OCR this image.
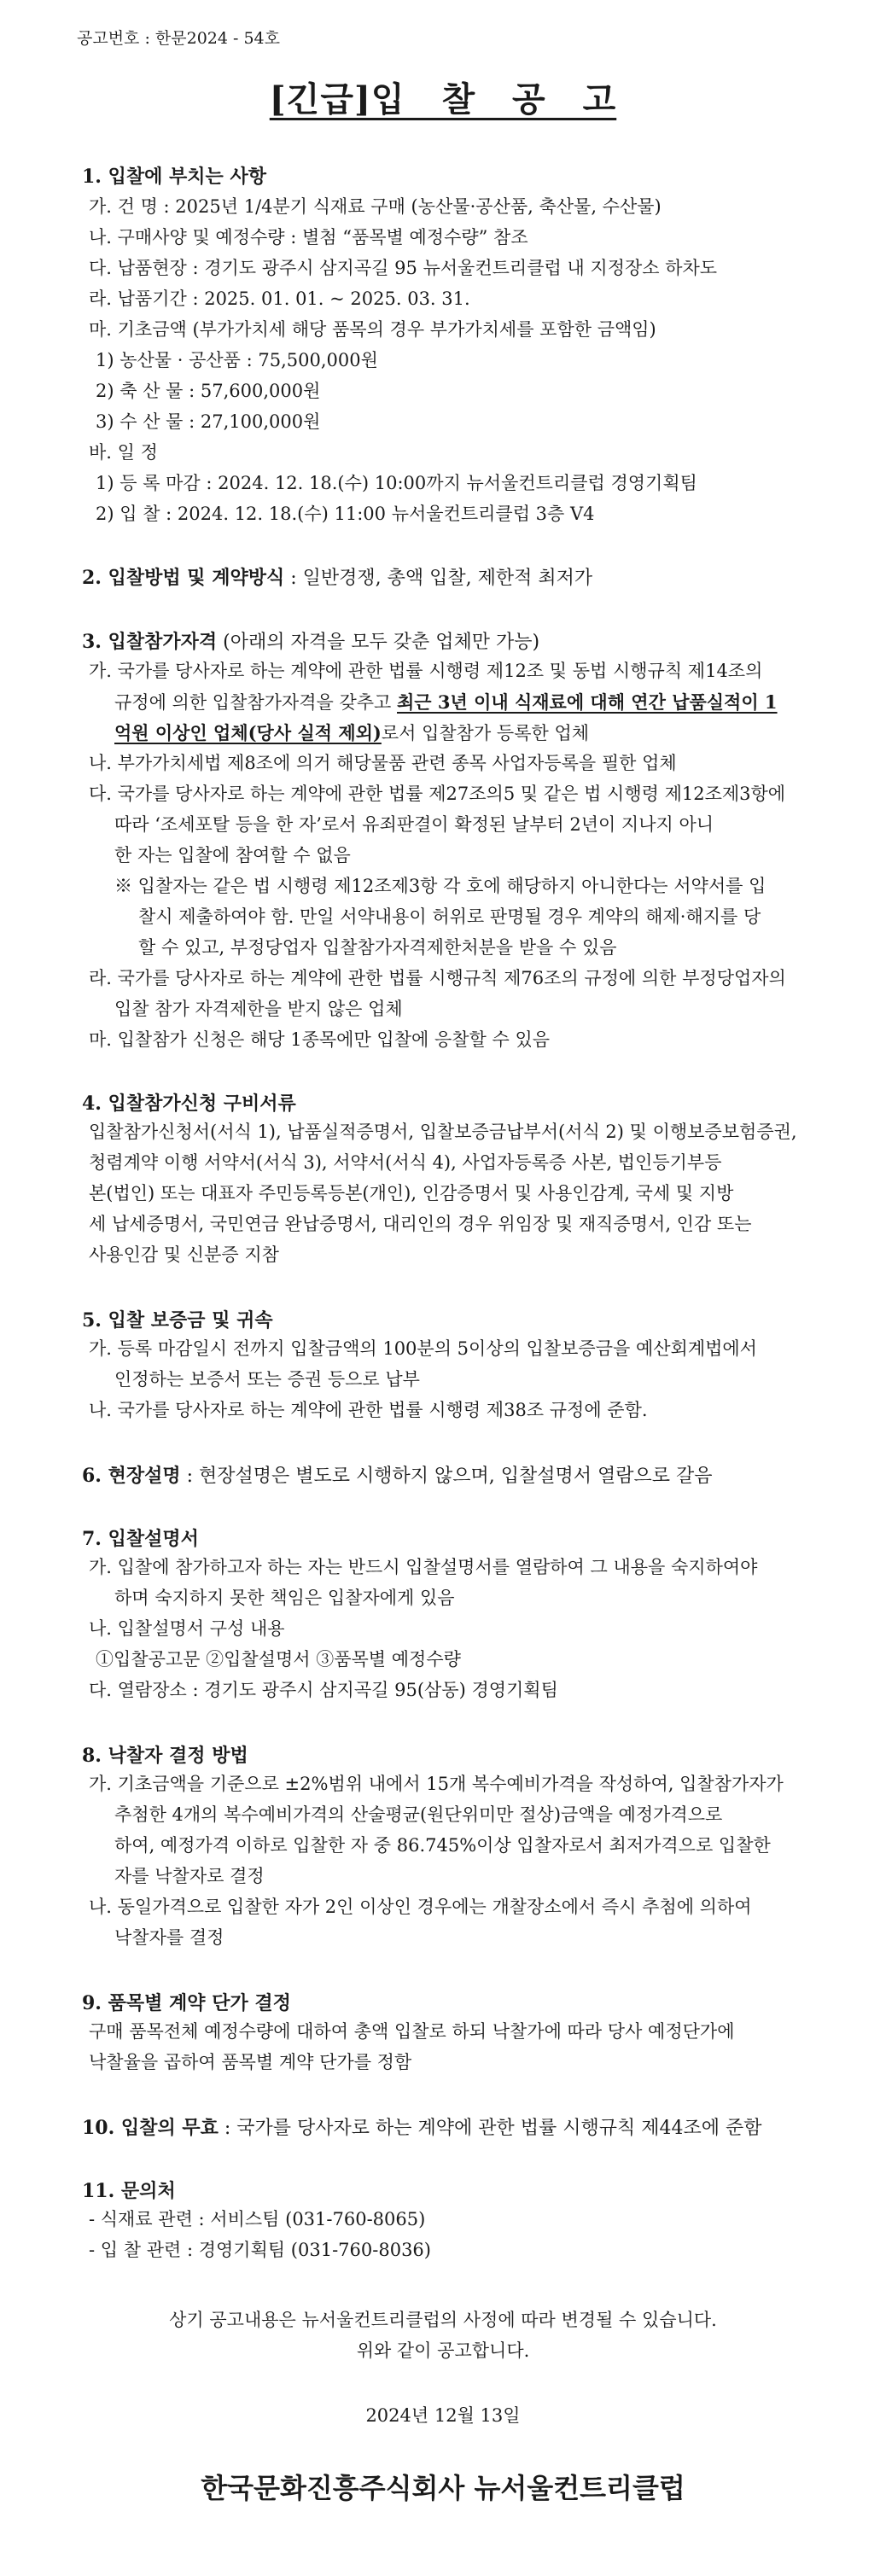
공고번호 : 한문2024 - 54호
[긴급]입 찰 공 고
1. 입찰에 부치는 사항
가. 건 명 : 2025년 1/4분기 식재료 구매 (농산물·공산품, 축산물, 수산물)
나. 구매사양 및 예정수량 : 별첨 “품목별 예정수량” 참조
다. 납품현장 : 경기도 광주시 삼지곡길 95 뉴서울컨트리클럽 내 지정장소 하차도
라. 납품기간 : 2025. 01. 01. ~ 2025. 03. 31.
마. 기초금액 (부가가치세 해당 품목의 경우 부가가치세를 포함한 금액임)
1) 농산물 · 공산품 : 75,500,000원
2) 축 산 물 : 57,600,000원
3) 수 산 물 : 27,100,000원
바. 일 정
1) 등 록 마감 : 2024. 12. 18.(수) 10:00까지 뉴서울컨트리클럽 경영기획팀
2) 입 찰 : 2024. 12. 18.(수) 11:00 뉴서울컨트리클럽 3층 V4
2. 입찰방법 및 계약방식 : 일반경쟁, 총액 입찰, 제한적 최저가
3. 입찰참가자격 (아래의 자격을 모두 갖춘 업체만 가능)
가. 국가를 당사자로 하는 계약에 관한 법률 시행령 제12조 및 동법 시행규칙 제14조의
규정에 의한 입찰참가자격을 갖추고 최근 3년 이내 식재료에 대해 연간 납품실적이 1
억원 이상인 업체(당사 실적 제외)로서 입찰참가 등록한 업체
나. 부가가치세법 제8조에 의거 해당물품 관련 종목 사업자등록을 필한 업체
다. 국가를 당사자로 하는 계약에 관한 법률 제27조의5 및 같은 법 시행령 제12조제3항에
따라 ‘조세포탈 등을 한 자’로서 유죄판결이 확정된 날부터 2년이 지나지 아니
한 자는 입찰에 참여할 수 없음
※ 입찰자는 같은 법 시행령 제12조제3항 각 호에 해당하지 아니한다는 서약서를 입
찰시 제출하여야 함. 만일 서약내용이 허위로 판명될 경우 계약의 해제·해지를 당
할 수 있고, 부정당업자 입찰참가자격제한처분을 받을 수 있음
라. 국가를 당사자로 하는 계약에 관한 법률 시행규칙 제76조의 규정에 의한 부정당업자의
입찰 참가 자격제한을 받지 않은 업체
마. 입찰참가 신청은 해당 1종목에만 입찰에 응찰할 수 있음
4. 입찰참가신청 구비서류
입찰참가신청서(서식 1), 납품실적증명서, 입찰보증금납부서(서식 2) 및 이행보증보험증권,
청렴계약 이행 서약서(서식 3), 서약서(서식 4), 사업자등록증 사본, 법인등기부등
본(법인) 또는 대표자 주민등록등본(개인), 인감증명서 및 사용인감계, 국세 및 지방
세 납세증명서, 국민연금 완납증명서, 대리인의 경우 위임장 및 재직증명서, 인감 또는
사용인감 및 신분증 지참
5. 입찰 보증금 및 귀속
가. 등록 마감일시 전까지 입찰금액의 100분의 5이상의 입찰보증금을 예산회계법에서
인정하는 보증서 또는 증권 등으로 납부
나. 국가를 당사자로 하는 계약에 관한 법률 시행령 제38조 규정에 준함.
6. 현장설명 : 현장설명은 별도로 시행하지 않으며, 입찰설명서 열람으로 갈음
7. 입찰설명서
가. 입찰에 참가하고자 하는 자는 반드시 입찰설명서를 열람하여 그 내용을 숙지하여야
하며 숙지하지 못한 책임은 입찰자에게 있음
나. 입찰설명서 구성 내용
①입찰공고문 ②입찰설명서 ③품목별 예정수량
다. 열람장소 : 경기도 광주시 삼지곡길 95(삼동) 경영기획팀
8. 낙찰자 결정 방법
가. 기초금액을 기준으로 ±2%범위 내에서 15개 복수예비가격을 작성하여, 입찰참가자가
추첨한 4개의 복수예비가격의 산술평균(원단위미만 절상)금액을 예정가격으로
하여, 예정가격 이하로 입찰한 자 중 86.745%이상 입찰자로서 최저가격으로 입찰한
자를 낙찰자로 결정
나. 동일가격으로 입찰한 자가 2인 이상인 경우에는 개찰장소에서 즉시 추첨에 의하여
낙찰자를 결정
9. 품목별 계약 단가 결정
구매 품목전체 예정수량에 대하여 총액 입찰로 하되 낙찰가에 따라 당사 예정단가에
낙찰율을 곱하여 품목별 계약 단가를 정함
10. 입찰의 무효 : 국가를 당사자로 하는 계약에 관한 법률 시행규칙 제44조에 준함
11. 문의처
- 식재료 관련 : 서비스팀 (031-760-8065)
- 입 찰 관련 : 경영기획팀 (031-760-8036)
상기 공고내용은 뉴서울컨트리클럽의 사정에 따라 변경될 수 있습니다.
위와 같이 공고합니다.
2024년 12월 13일
한국문화진흥주식회사 뉴서울컨트리클럽
